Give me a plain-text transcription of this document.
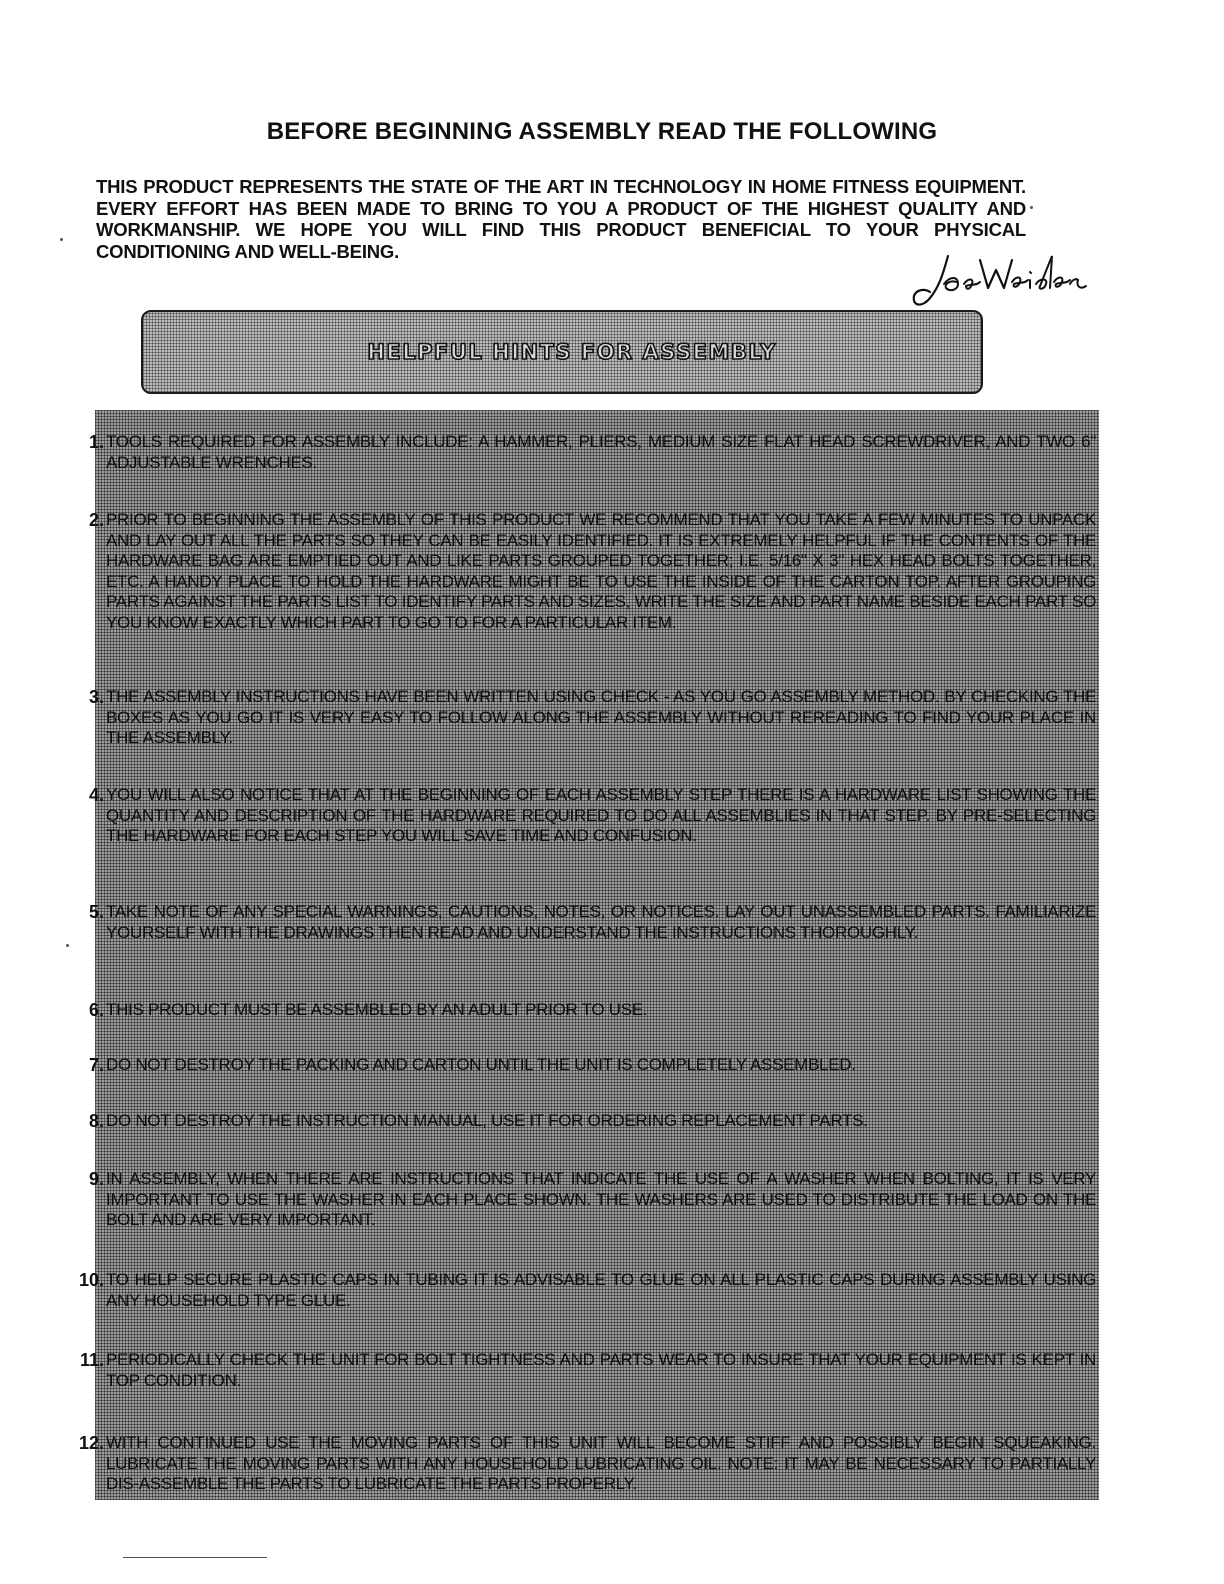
BEFORE BEGINNING ASSEMBLY READ THE FOLLOWING
THIS PRODUCT REPRESENTS THE STATE OF THE ART IN TECHNOLOGY IN HOME FITNESS EQUIPMENT. EVERY EFFORT HAS BEEN MADE TO BRING TO YOU A PRODUCT OF THE HIGHEST QUALITY AND WORKMANSHIP. WE HOPE YOU WILL FIND THIS PRODUCT BENEFICIAL TO YOUR PHYSICAL CONDITIONING AND WELL-BEING.
HELPFUL HINTS FOR ASSEMBLY
1. TOOLS REQUIRED FOR ASSEMBLY INCLUDE: A HAMMER, PLIERS, MEDIUM SIZE FLAT HEAD SCREWDRIVER, AND TWO 6" ADJUSTABLE WRENCHES.
2. PRIOR TO BEGINNING THE ASSEMBLY OF THIS PRODUCT WE RECOMMEND THAT YOU TAKE A FEW MINUTES TO UNPACK AND LAY OUT ALL THE PARTS SO THEY CAN BE EASILY IDENTIFIED. IT IS EXTREMELY HELPFUL IF THE CONTENTS OF THE HARDWARE BAG ARE EMPTIED OUT AND LIKE PARTS GROUPED TOGETHER; I.E. 5/16" X 3" HEX HEAD BOLTS TOGETHER, ETC. A HANDY PLACE TO HOLD THE HARDWARE MIGHT BE TO USE THE INSIDE OF THE CARTON TOP. AFTER GROUPING PARTS AGAINST THE PARTS LIST TO IDENTIFY PARTS AND SIZES, WRITE THE SIZE AND PART NAME BESIDE EACH PART SO YOU KNOW EXACTLY WHICH PART TO GO TO FOR A PARTICULAR ITEM.
3. THE ASSEMBLY INSTRUCTIONS HAVE BEEN WRITTEN USING CHECK - AS YOU GO ASSEMBLY METHOD. BY CHECKING THE BOXES AS YOU GO IT IS VERY EASY TO FOLLOW ALONG THE ASSEMBLY WITHOUT REREADING TO FIND YOUR PLACE IN THE ASSEMBLY.
4. YOU WILL ALSO NOTICE THAT AT THE BEGINNING OF EACH ASSEMBLY STEP THERE IS A HARDWARE LIST SHOWING THE QUANTITY AND DESCRIPTION OF THE HARDWARE REQUIRED TO DO ALL ASSEMBLIES IN THAT STEP. BY PRE-SELECTING THE HARDWARE FOR EACH STEP YOU WILL SAVE TIME AND CONFUSION.
5. TAKE NOTE OF ANY SPECIAL WARNINGS, CAUTIONS, NOTES, OR NOTICES. LAY OUT UNASSEMBLED PARTS. FAMILIARIZE YOURSELF WITH THE DRAWINGS THEN READ AND UNDERSTAND THE INSTRUCTIONS THOROUGHLY.
6. THIS PRODUCT MUST BE ASSEMBLED BY AN ADULT PRIOR TO USE.
7. DO NOT DESTROY THE PACKING AND CARTON UNTIL THE UNIT IS COMPLETELY ASSEMBLED.
8. DO NOT DESTROY THE INSTRUCTION MANUAL, USE IT FOR ORDERING REPLACEMENT PARTS.
9. IN ASSEMBLY, WHEN THERE ARE INSTRUCTIONS THAT INDICATE THE USE OF A WASHER WHEN BOLTING, IT IS VERY IMPORTANT TO USE THE WASHER IN EACH PLACE SHOWN. THE WASHERS ARE USED TO DISTRIBUTE THE LOAD ON THE BOLT AND ARE VERY IMPORTANT.
10. TO HELP SECURE PLASTIC CAPS IN TUBING IT IS ADVISABLE TO GLUE ON ALL PLASTIC CAPS DURING ASSEMBLY USING ANY HOUSEHOLD TYPE GLUE.
11. PERIODICALLY CHECK THE UNIT FOR BOLT TIGHTNESS AND PARTS WEAR TO INSURE THAT YOUR EQUIPMENT IS KEPT IN TOP CONDITION.
12. WITH CONTINUED USE THE MOVING PARTS OF THIS UNIT WILL BECOME STIFF AND POSSIBLY BEGIN SQUEAKING. LUBRICATE THE MOVING PARTS WITH ANY HOUSEHOLD LUBRICATING OIL. NOTE: IT MAY BE NECESSARY TO PARTIALLY DIS-ASSEMBLE THE PARTS TO LUBRICATE THE PARTS PROPERLY.
